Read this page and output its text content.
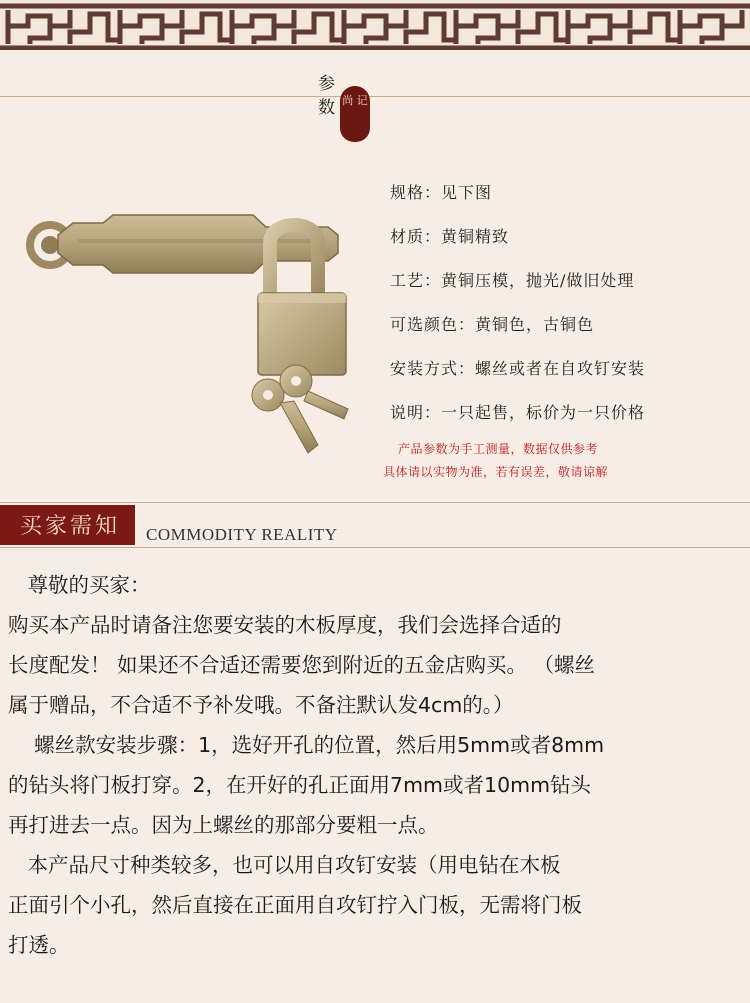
参
数 尚 记
规格：见下图
材质：黄铜精致
工艺：黄铜压模，抛光/做旧处理
可选颜色：黄铜色，古铜色
安装方式：螺丝或者在自攻钉安装
说明：一只起售，标价为一只价格
产品参数为手工测量，数据仅供参考
具体请以实物为准，若有误差，敬请谅解
买家需知 COMMODITY REALITY
尊敬的买家：
购买本产品时请备注您要安装的木板厚度，我们会选择合适的
长度配发！ 如果还不合适还需要您到附近的五金店购买。 （螺丝
属于赠品，不合适不予补发哦。不备注默认发4cm的。）
螺丝款安装步骤：1，选好开孔的位置，然后用5mm或者8mm
的钻头将门板打穿。2，在开好的孔正面用7mm或者10mm钻头
再打进去一点。因为上螺丝的那部分要粗一点。
本产品尺寸种类较多，也可以用自攻钉安装（用电钻在木板
正面引个小孔，然后直接在正面用自攻钉拧入门板，无需将门板
打透。
